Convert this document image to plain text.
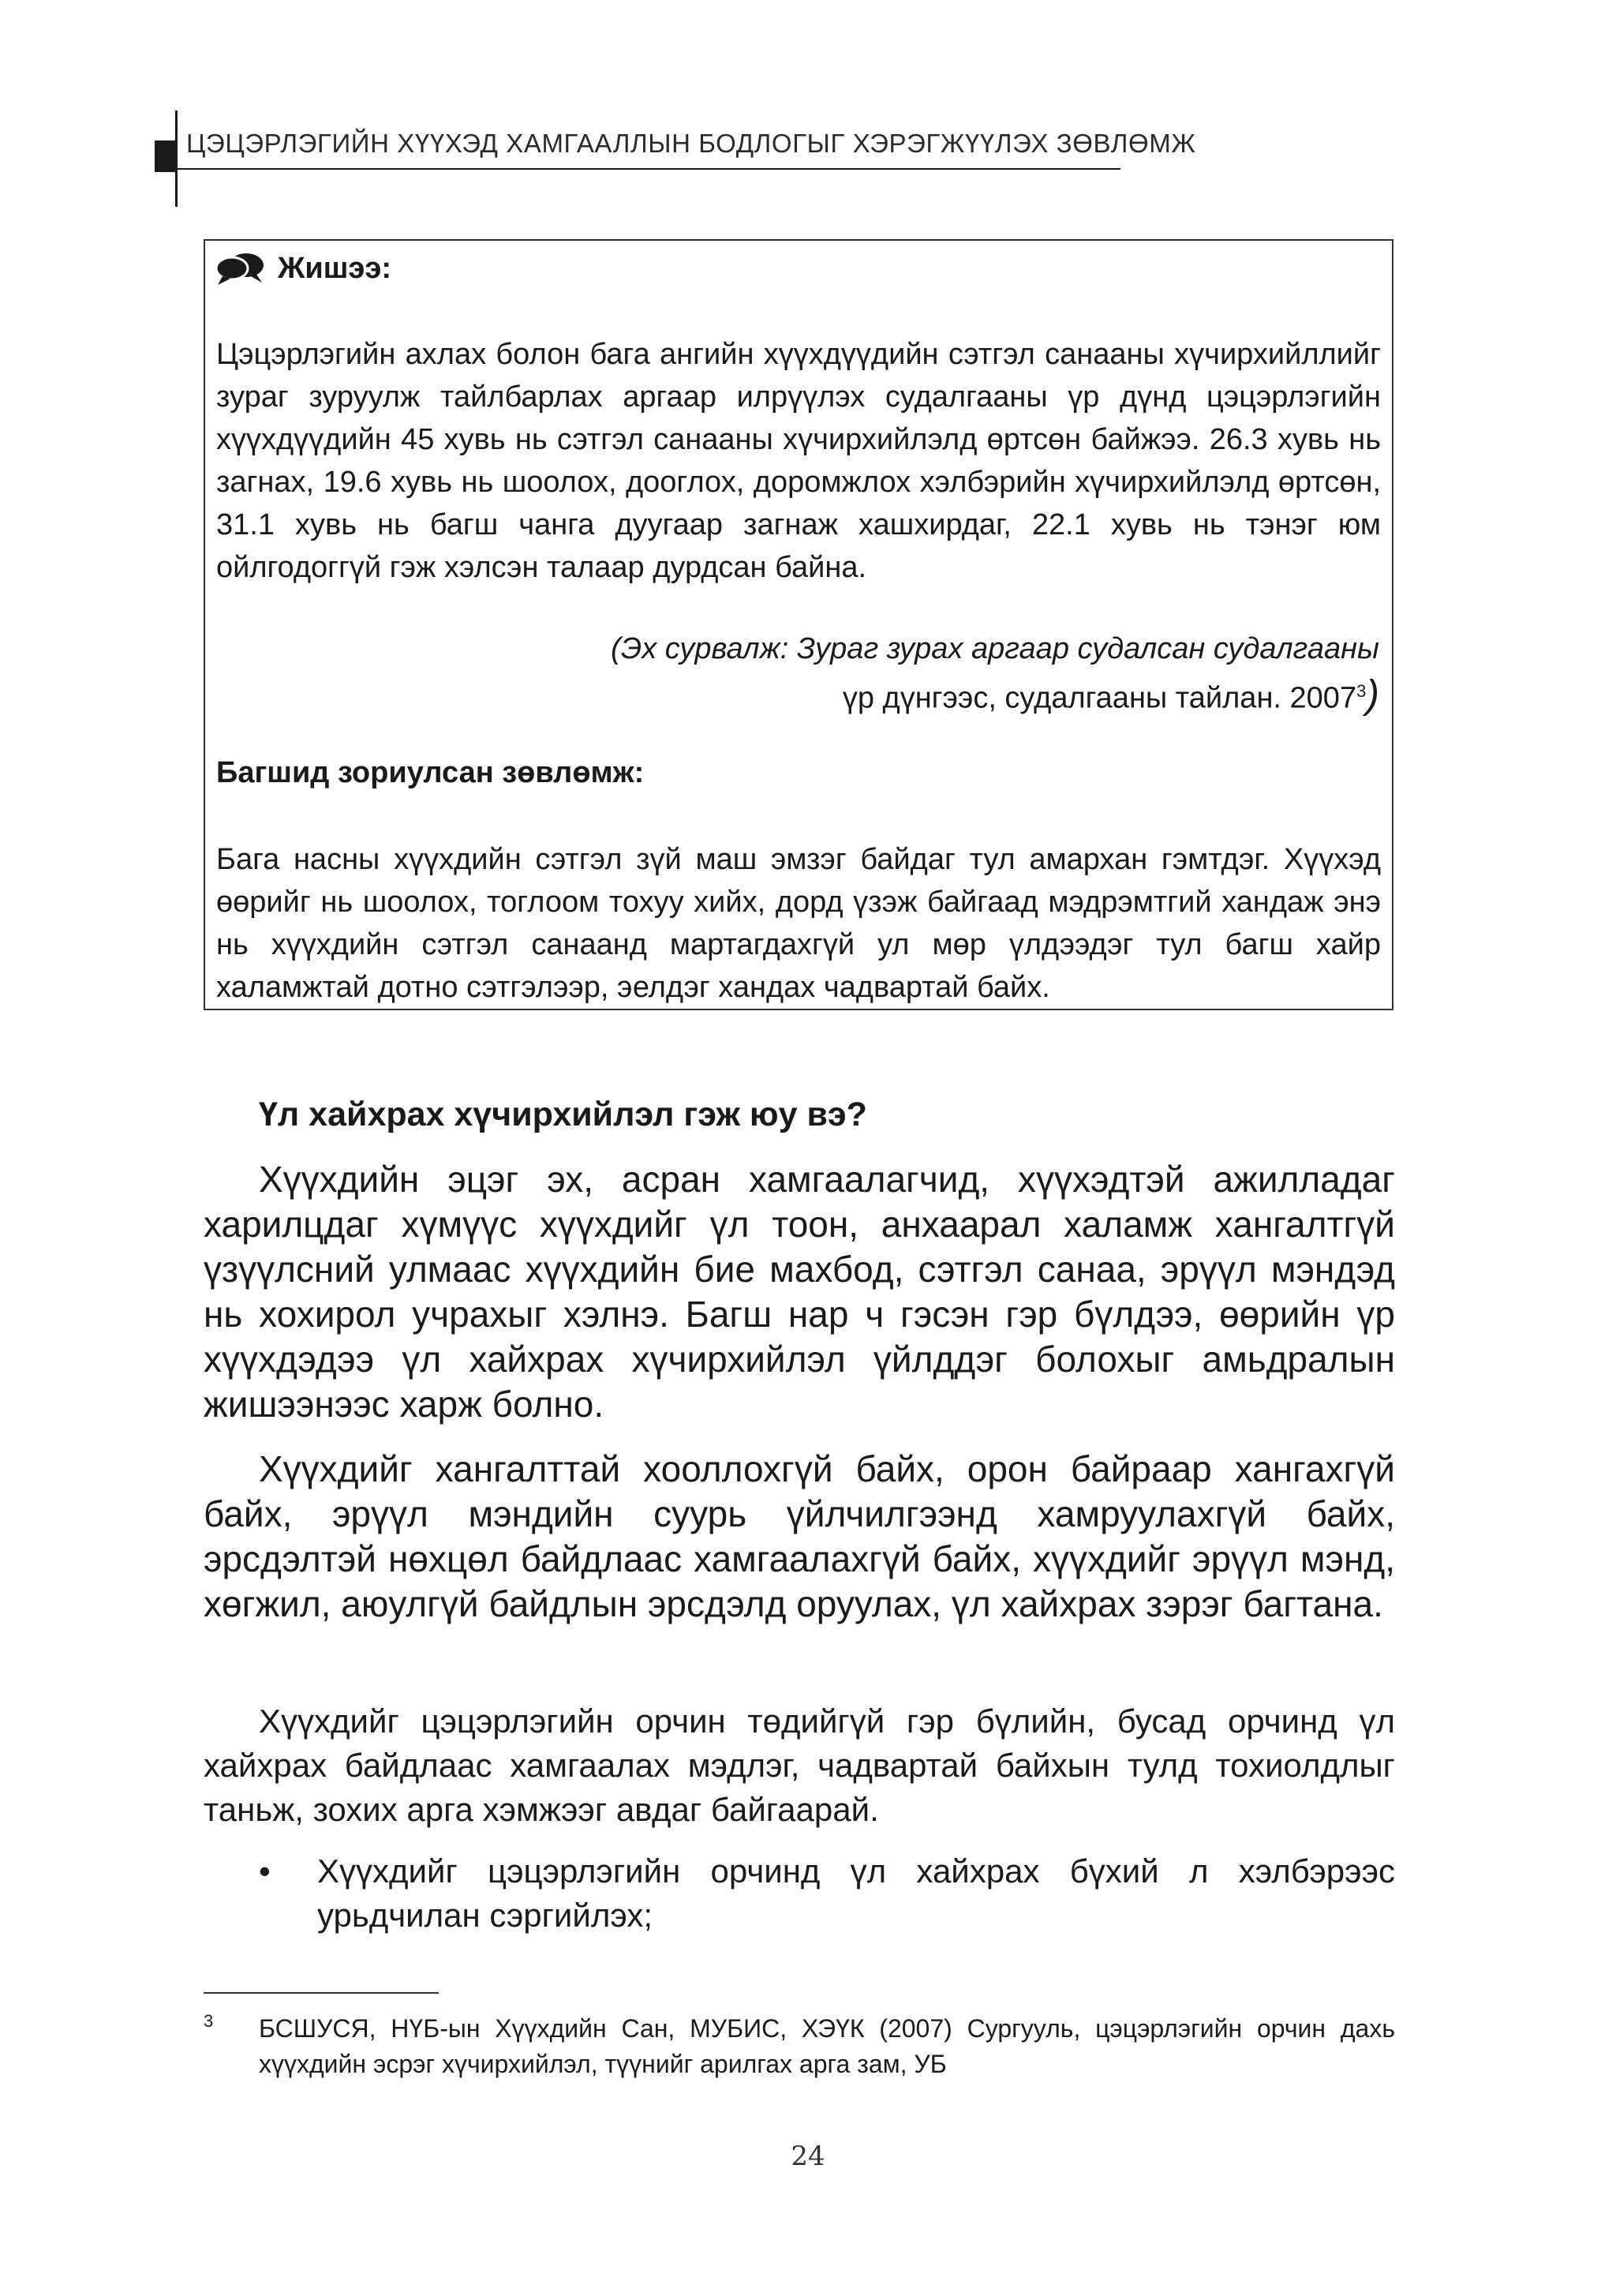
ЦЭЦЭРЛЭГИЙН ХҮҮХЭД ХАМГААЛЛЫН БОДЛОГЫГ ХЭРЭГЖҮҮЛЭХ ЗӨВЛӨМЖ
Жишээ:
Цэцэрлэгийн ахлах болон бага ангийн хүүхдүүдийн сэтгэл санааны хүчирхийллийг зураг зуруулж тайлбарлах аргаар илрүүлэх судалгааны үр дүнд цэцэрлэгийн хүүхдүүдийн 45 хувь нь сэтгэл санааны хүчирхийлэлд өртсөн байжээ. 26.3 хувь нь загнах, 19.6 хувь нь шоолох, дооглох, доромжлох хэлбэрийн хүчирхийлэлд өртсөн, 31.1 хувь нь багш чанга дуугаар загнаж хашхирдаг, 22.1 хувь нь тэнэг юм ойлгодоггүй гэж хэлсэн талаар дурдсан байна.
(Эх сурвалж: Зураг зурах аргаар судалсан судалгааны
үр дүнгээс, судалгааны тайлан. 2007$^3$)
Багшид зориулсан зөвлөмж:
Бага насны хүүхдийн сэтгэл зүй маш эмзэг байдаг тул амархан гэмтдэг. Хүүхэд өөрийг нь шоолох, тоглоом тохуу хийх, дорд үзэж байгаад мэдрэмтгий хандаж энэ нь хүүхдийн сэтгэл санаанд мартагдахгүй ул мөр үлдээдэг тул багш хайр халамжтай дотно сэтгэлээр, эелдэг хандах чадвартай байх.
Үл хайхрах хүчирхийлэл гэж юу вэ?
Хүүхдийн эцэг эх, асран хамгаалагчид, хүүхэдтэй ажилладаг харилцдаг хүмүүс хүүхдийг үл тоон, анхаарал халамж хангалтгүй үзүүлсний улмаас хүүхдийн бие махбод, сэтгэл санаа, эрүүл мэндэд нь хохирол учрахыг хэлнэ. Багш нар ч гэсэн гэр бүлдээ, өөрийн үр хүүхдэдээ үл хайхрах хүчирхийлэл үйлддэг болохыг амьдралын жишээнээс харж болно.
Хүүхдийг хангалттай хооллохгүй байх, орон байраар хангахгүй байх, эрүүл мэндийн суурь үйлчилгээнд хамруулахгүй байх, эрсдэлтэй нөхцөл байдлаас хамгаалахгүй байх, хүүхдийг эрүүл мэнд, хөгжил, аюулгүй байдлын эрсдэлд оруулах, үл хайхрах зэрэг багтана.
Хүүхдийг цэцэрлэгийн орчин төдийгүй гэр бүлийн, бусад орчинд үл хайхрах байдлаас хамгаалах мэдлэг, чадвартай байхын тулд тохиолдлыг таньж, зохих арга хэмжээг авдаг байгаарай.
• Хүүхдийг цэцэрлэгийн орчинд үл хайхрах бүхий л хэлбэрээс урьдчилан сэргийлэх;
3 БСШУСЯ, НҮБ-ын Хүүхдийн Сан, МУБИС, ХЭҮК (2007) Сургууль, цэцэрлэгийн орчин дахь хүүхдийн эсрэг хүчирхийлэл, түүнийг арилгах арга зам, УБ
24
